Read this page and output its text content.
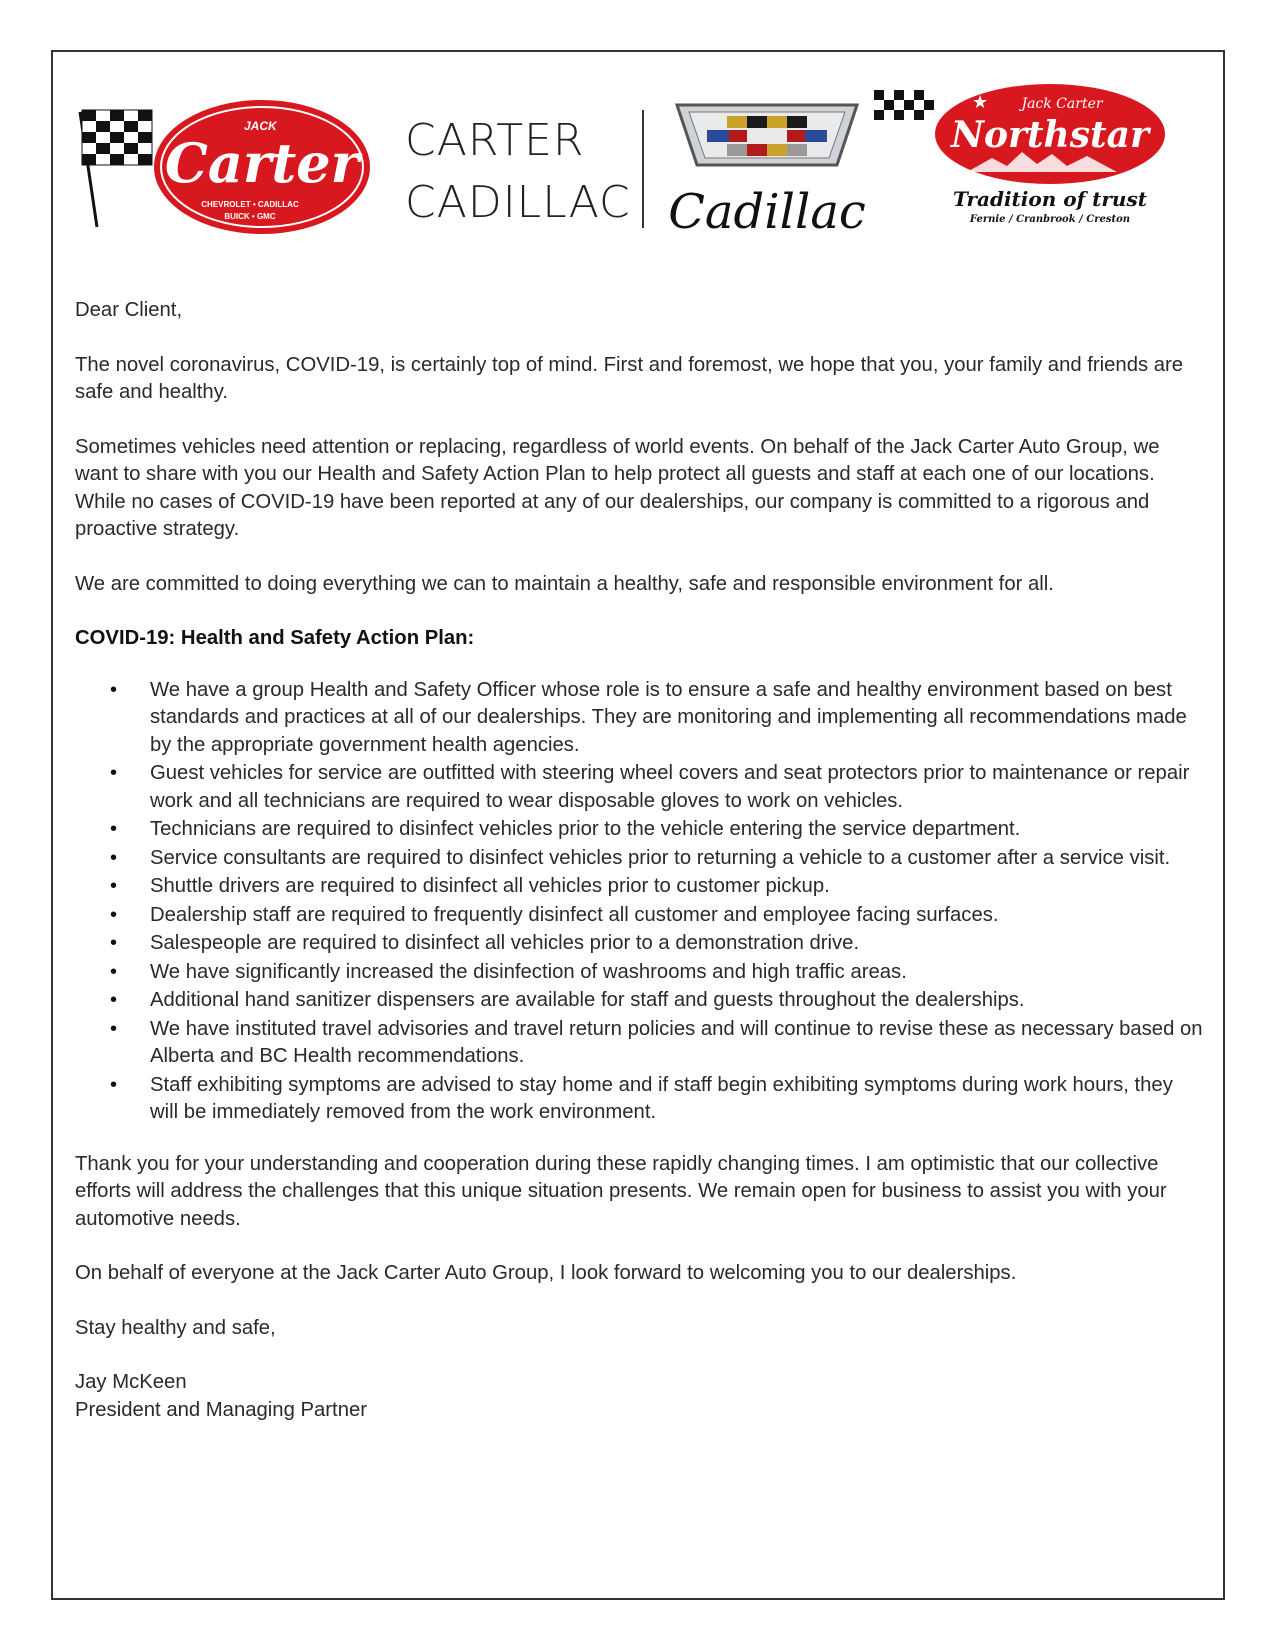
JACK
Carter
CHEVROLET • CADILLAC
BUICK • GMC
CARTER
CADILLAC Cadillac
★ Jack Carter
Northstar
Tradition of trust
Fernie / Cranbrook / Creston

Dear Client,

The novel coronavirus, COVID-19, is certainly top of mind. First and foremost, we hope that you, your family and friends are safe and healthy.

Sometimes vehicles need attention or replacing, regardless of world events. On behalf of the Jack Carter Auto Group, we want to share with you our Health and Safety Action Plan to help protect all guests and staff at each one of our locations. While no cases of COVID-19 have been reported at any of our dealerships, our company is committed to a rigorous and proactive strategy.

We are committed to doing everything we can to maintain a healthy, safe and responsible environment for all.

COVID-19: Health and Safety Action Plan:

• We have a group Health and Safety Officer whose role is to ensure a safe and healthy environment based on best standards and practices at all of our dealerships. They are monitoring and implementing all recommendations made by the appropriate government health agencies.
• Guest vehicles for service are outfitted with steering wheel covers and seat protectors prior to maintenance or repair work and all technicians are required to wear disposable gloves to work on vehicles.
• Technicians are required to disinfect vehicles prior to the vehicle entering the service department.
• Service consultants are required to disinfect vehicles prior to returning a vehicle to a customer after a service visit.
• Shuttle drivers are required to disinfect all vehicles prior to customer pickup.
• Dealership staff are required to frequently disinfect all customer and employee facing surfaces.
• Salespeople are required to disinfect all vehicles prior to a demonstration drive.
• We have significantly increased the disinfection of washrooms and high traffic areas.
• Additional hand sanitizer dispensers are available for staff and guests throughout the dealerships.
• We have instituted travel advisories and travel return policies and will continue to revise these as necessary based on Alberta and BC Health recommendations.
• Staff exhibiting symptoms are advised to stay home and if staff begin exhibiting symptoms during work hours, they will be immediately removed from the work environment.

Thank you for your understanding and cooperation during these rapidly changing times. I am optimistic that our collective efforts will address the challenges that this unique situation presents. We remain open for business to assist you with your automotive needs.

On behalf of everyone at the Jack Carter Auto Group, I look forward to welcoming you to our dealerships.

Stay healthy and safe,

Jay McKeen

President and Managing Partner
